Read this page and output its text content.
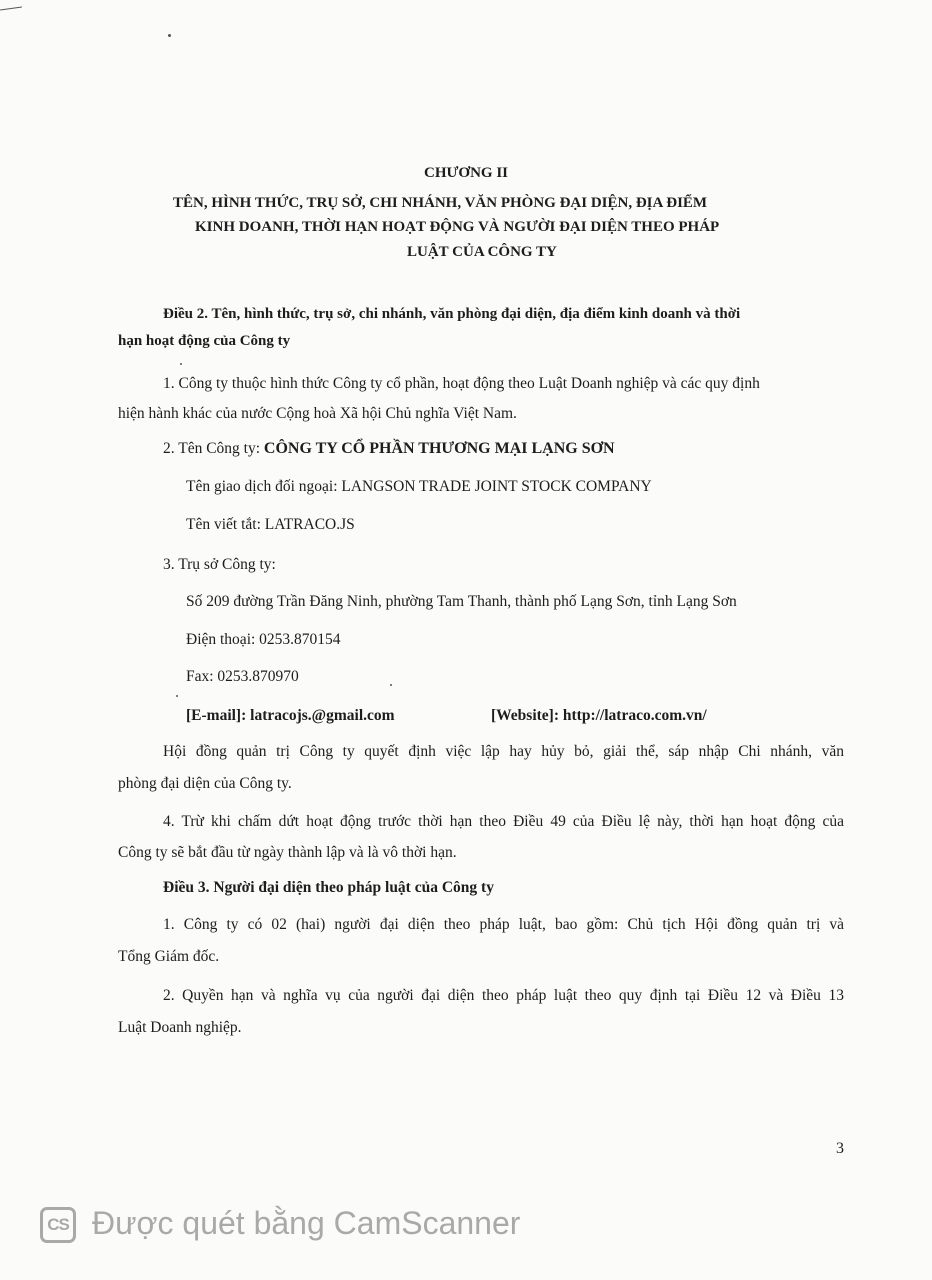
CHƯƠNG II
TÊN, HÌNH THỨC, TRỤ SỞ, CHI NHÁNH, VĂN PHÒNG ĐẠI DIỆN, ĐỊA ĐIỂM
KINH DOANH, THỜI HẠN HOẠT ĐỘNG VÀ NGƯỜI ĐẠI DIỆN THEO PHÁP
LUẬT CỦA CÔNG TY
Điều 2. Tên, hình thức, trụ sở, chi nhánh, văn phòng đại diện, địa điểm kinh doanh và thời
hạn hoạt động của Công ty
1. Công ty thuộc hình thức Công ty cổ phần, hoạt động theo Luật Doanh nghiệp và các quy định
hiện hành khác của nước Cộng hoà Xã hội Chủ nghĩa Việt Nam.
2. Tên Công ty: CÔNG TY CỔ PHẦN THƯƠNG MẠI LẠNG SƠN
Tên giao dịch đối ngoại: LANGSON TRADE JOINT STOCK COMPANY
Tên viết tắt: LATRACO.JS
3. Trụ sở Công ty:
Số 209 đường Trần Đăng Ninh, phường Tam Thanh, thành phố Lạng Sơn, tỉnh Lạng Sơn
Điện thoại: 0253.870154
Fax: 0253.870970
[E-mail]: latracojs.@gmail.com	[Website]: http://latraco.com.vn/
Hội đồng quản trị Công ty quyết định việc lập hay hủy bỏ, giải thể, sáp nhập Chi nhánh, văn
phòng đại diện của Công ty.
4. Trừ khi chấm dứt hoạt động trước thời hạn theo Điều 49 của Điều lệ này, thời hạn hoạt động của
Công ty sẽ bắt đầu từ ngày thành lập và là vô thời hạn.
Điều 3. Người đại diện theo pháp luật của Công ty
1. Công ty có 02 (hai) người đại diện theo pháp luật, bao gồm: Chủ tịch Hội đồng quản trị và
Tổng Giám đốc.
2. Quyền hạn và nghĩa vụ của người đại diện theo pháp luật theo quy định tại Điều 12 và Điều 13
Luật Doanh nghiệp.
3
CS Được quét bằng CamScanner
